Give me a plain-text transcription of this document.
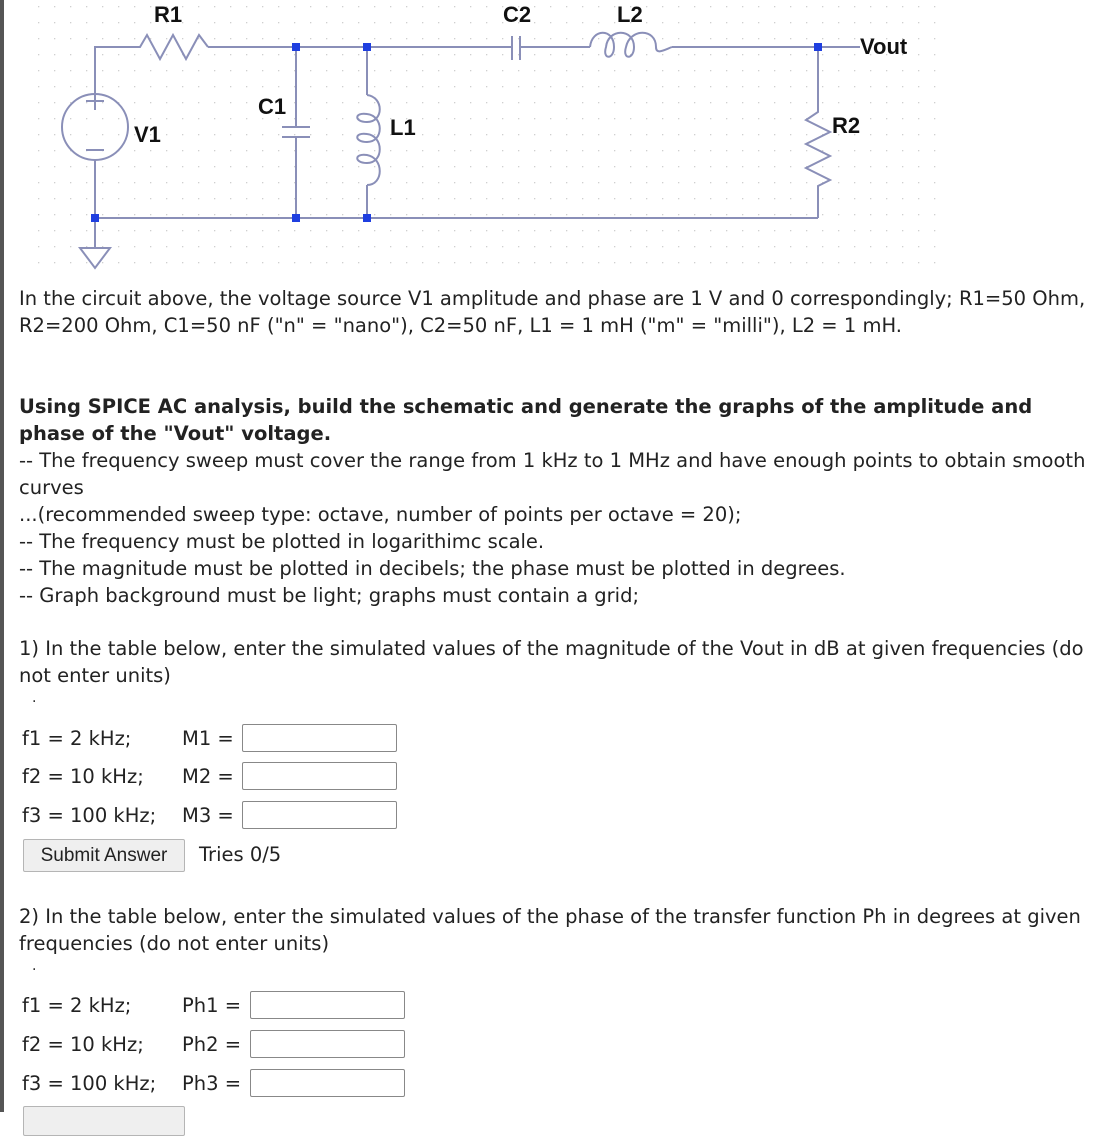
R1	C2	L2
Vout
C1
L1	R2
V1
In the circuit above, the voltage source V1 amplitude and phase are 1 V and 0 correspondingly; R1=50 Ohm, R2=200 Ohm, C1=50 nF ("n" = "nano"), C2=50 nF, L1 = 1 mH ("m" = "milli"), L2 = 1 mH.
Using SPICE AC analysis, build the schematic and generate the graphs of the amplitude and phase of the "Vout" voltage.
-- The frequency sweep must cover the range from 1 kHz to 1 MHz and have enough points to obtain smooth curves
...(recommended sweep type: octave, number of points per octave = 20);
-- The frequency must be plotted in logarithimc scale.
-- The magnitude must be plotted in decibels; the phase must be plotted in degrees.
-- Graph background must be light; graphs must contain a grid;
1) In the table below, enter the simulated values of the magnitude of the Vout in dB at given frequencies (do not enter units)
.
f1 = 2 kHz;	M1 =
f2 = 10 kHz;	M2 =
f3 = 100 kHz;	M3 =
Submit Answer	Tries 0/5
2) In the table below, enter the simulated values of the phase of the transfer function Ph in degrees at given frequencies (do not enter units)
.
f1 = 2 kHz;	Ph1 =
f2 = 10 kHz;	Ph2 =
f3 = 100 kHz;	Ph3 =
